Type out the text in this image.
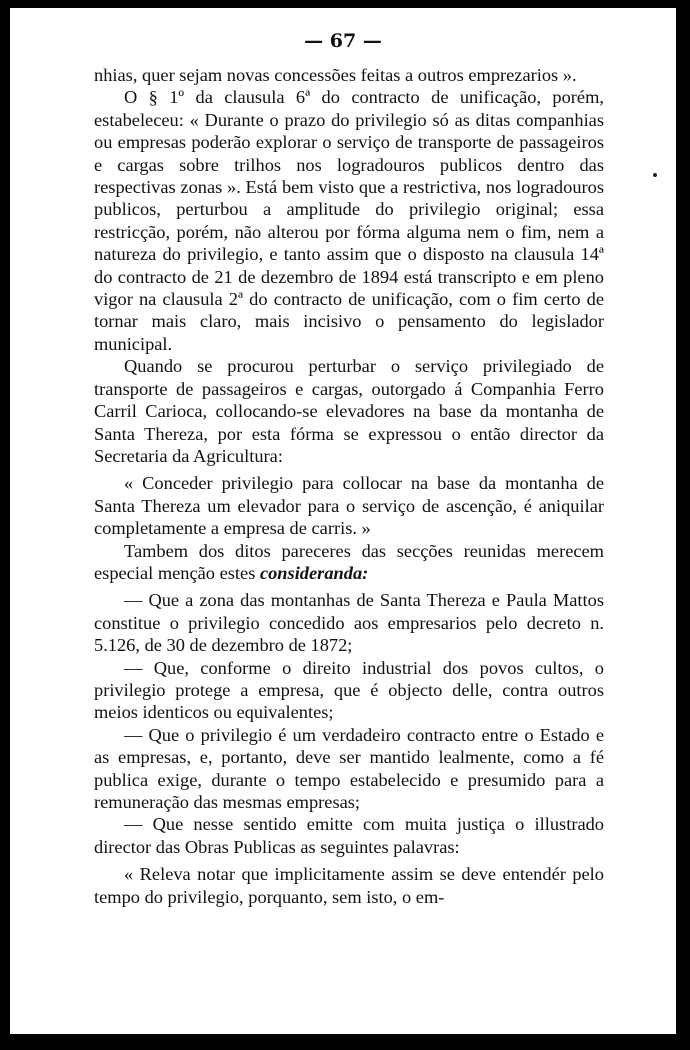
— 67 —

nhias, quer sejam novas concessões feitas a outros emprezarios ».

O § 1º da clausula 6ª do contracto de unificação, porém, estabeleceu: « Durante o prazo do privilegio só as ditas companhias ou empresas poderão explorar o serviço de transporte de passageiros e cargas sobre trilhos nos logradouros publicos dentro das respectivas zonas ». Está bem visto que a restrictiva, nos logradouros publicos, perturbou a amplitude do privilegio original; essa restricção, porém, não alterou por fórma alguma nem o fim, nem a natureza do privilegio, e tanto assim que o disposto na clausula 14ª do contracto de 21 de dezembro de 1894 está transcripto e em pleno vigor na clausula 2ª do contracto de unificação, com o fim certo de tornar mais claro, mais incisivo o pensamento do legislador municipal.

Quando se procurou perturbar o serviço privilegiado de transporte de passageiros e cargas, outorgado á Companhia Ferro Carril Carioca, collocando-se elevadores na base da montanha de Santa Thereza, por esta fórma se expressou o então director da Secretaria da Agricultura:

« Conceder privilegio para collocar na base da montanha de Santa Thereza um elevador para o serviço de ascenção, é aniquilar completamente a empresa de carris. »

Tambem dos ditos pareceres das secções reunidas merecem especial menção estes considerandа:

— Que a zona das montanhas de Santa Thereza e Paula Mattos constitue o privilegio concedido aos empresarios pelo decreto n. 5.126, de 30 de dezembro de 1872;

— Que, conforme o direito industrial dos povos cultos, o privilegio protege a empresa, que é objecto delle, contra outros meios identicos ou equivalentes;

— Que o privilegio é um verdadeiro contracto entre o Estado e as empresas, e, portanto, deve ser mantido lealmente, como a fé publica exige, durante o tempo estabelecido e presumido para a remuneração das mesmas empresas;

— Que nesse sentido emitte com muita justiça o illustrado director das Obras Publicas as seguintes palavras:

« Releva notar que implicitamente assim se deve entendér pelo tempo do privilegio, porquanto, sem isto, o em-
